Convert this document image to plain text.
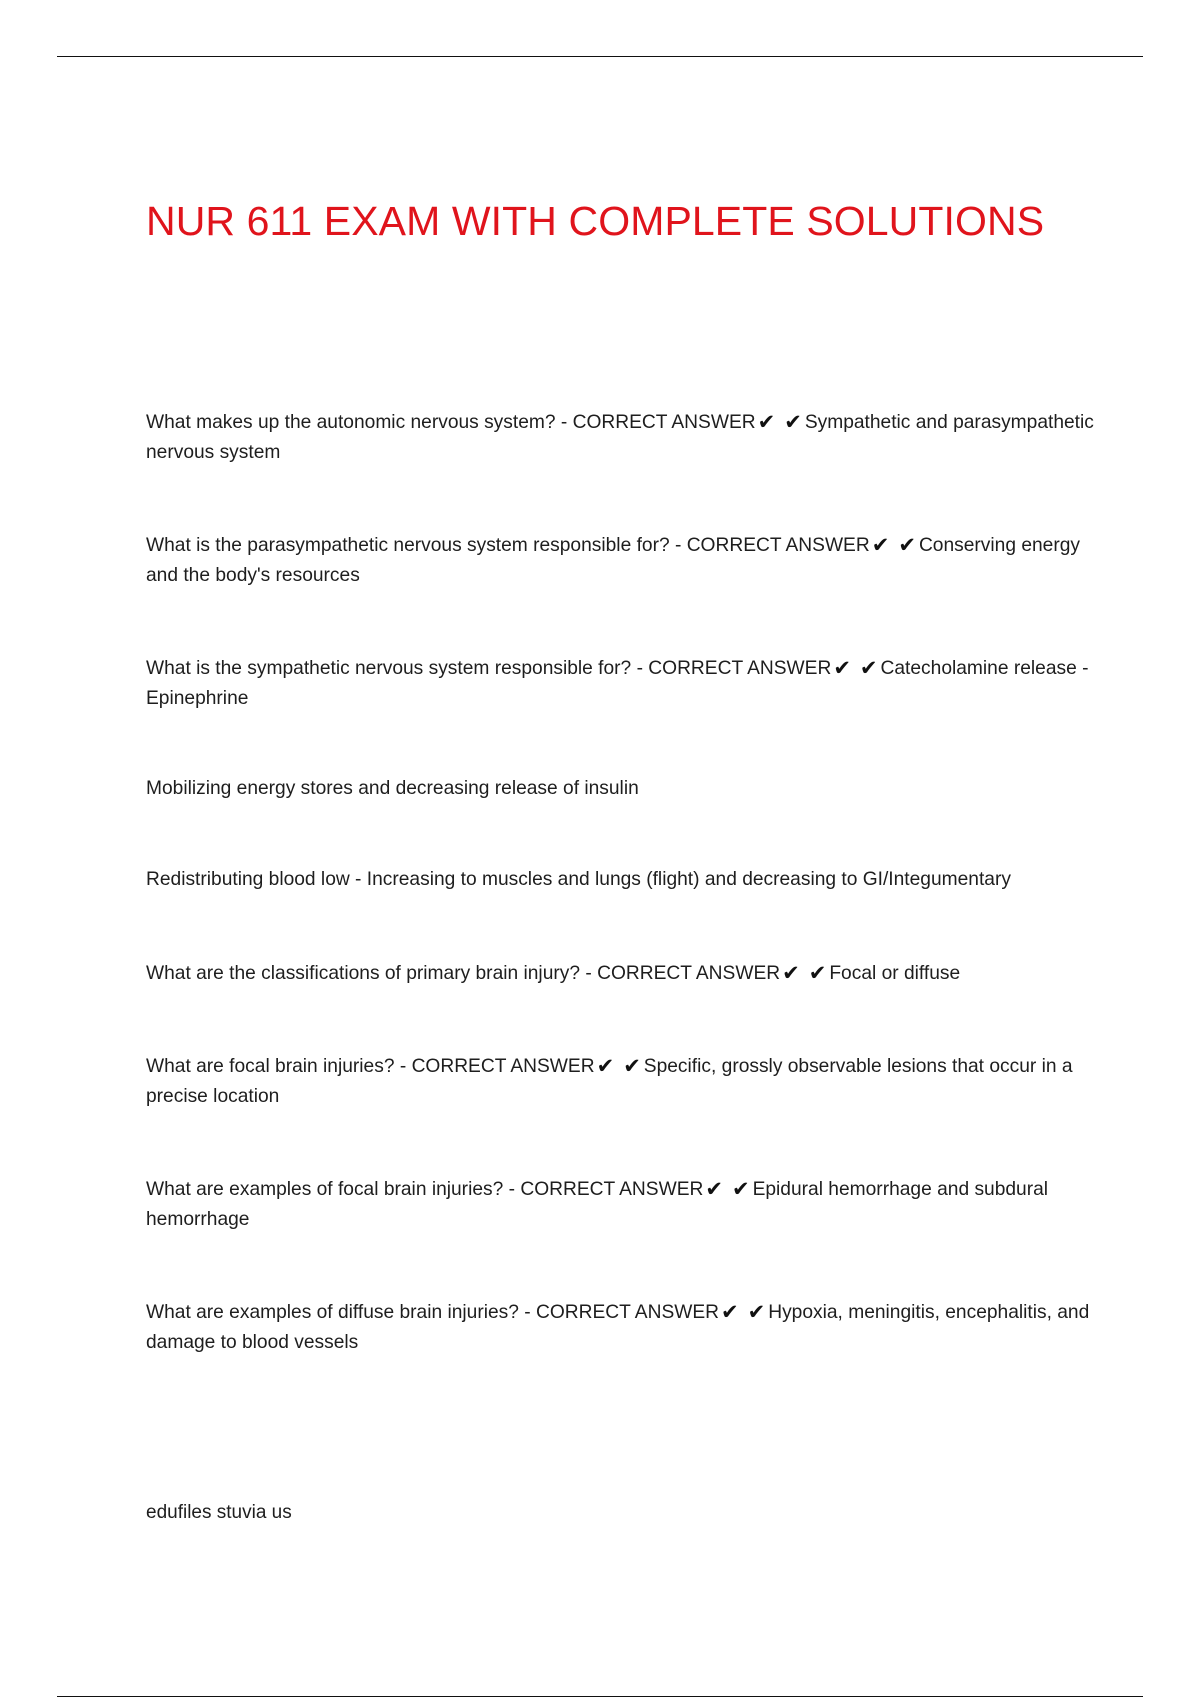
NUR 611 EXAM WITH COMPLETE SOLUTIONS

What makes up the autonomic nervous system? - CORRECT ANSWER✔ ✔ Sympathetic and parasympathetic nervous system

What is the parasympathetic nervous system responsible for? - CORRECT ANSWER✔ ✔ Conserving energy and the body's resources

What is the sympathetic nervous system responsible for? - CORRECT ANSWER✔ ✔ Catecholamine release - Epinephrine

Mobilizing energy stores and decreasing release of insulin

Redistributing blood low - Increasing to muscles and lungs (flight) and decreasing to GI/Integumentary

What are the classifications of primary brain injury? - CORRECT ANSWER✔ ✔ Focal or diffuse

What are focal brain injuries? - CORRECT ANSWER✔ ✔ Specific, grossly observable lesions that occur in a precise location

What are examples of focal brain injuries? - CORRECT ANSWER✔ ✔ Epidural hemorrhage and subdural hemorrhage

What are examples of diffuse brain injuries? - CORRECT ANSWER✔ ✔ Hypoxia, meningitis, encephalitis, and damage to blood vessels

edufiles stuvia us
